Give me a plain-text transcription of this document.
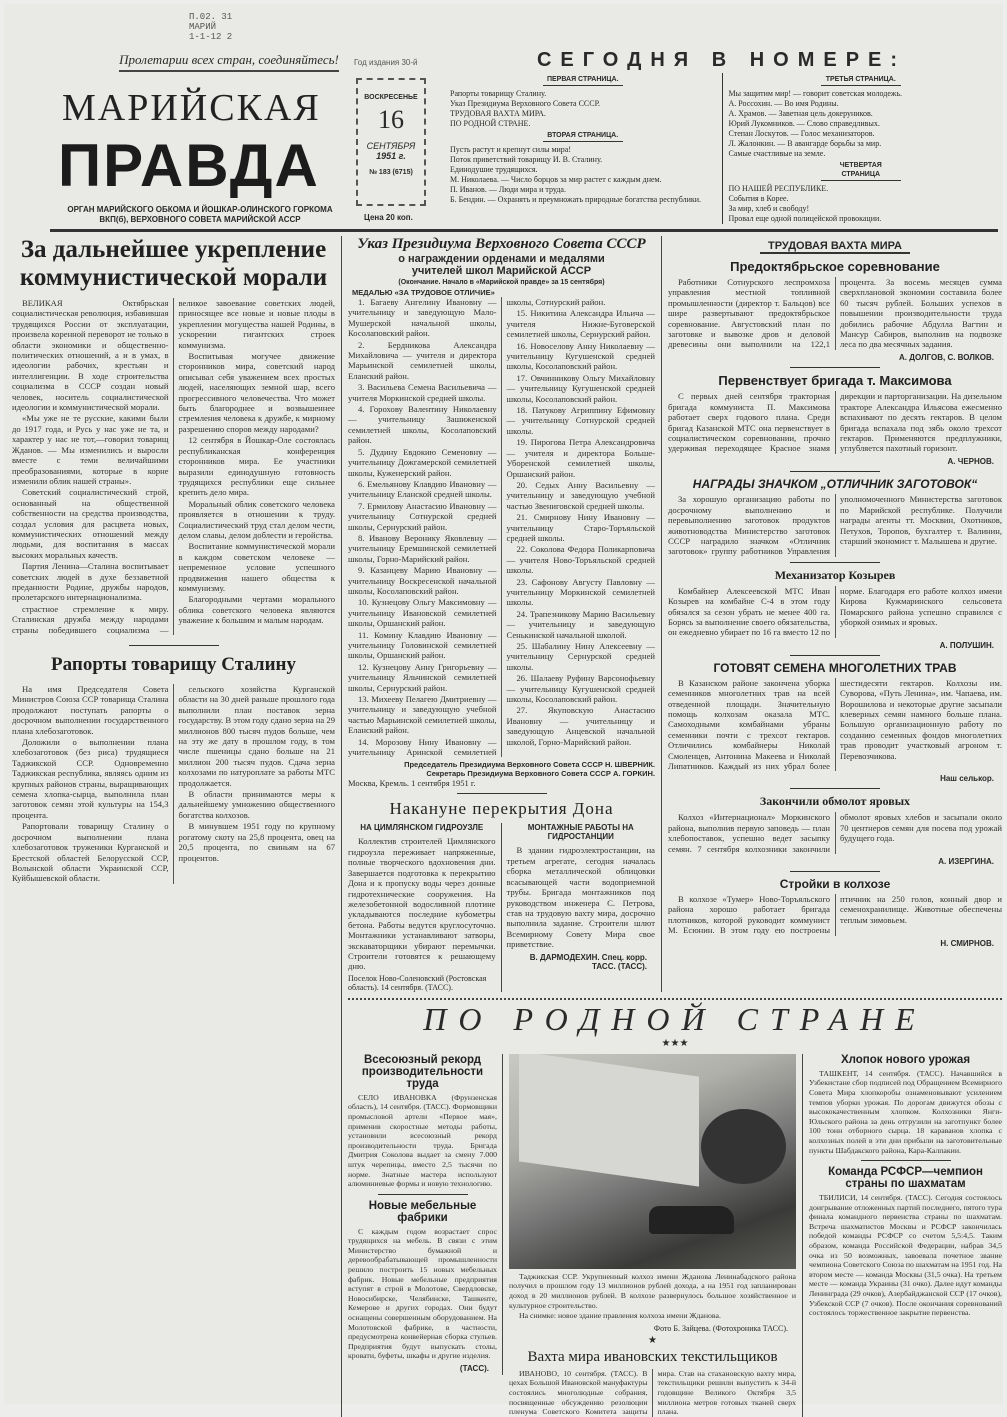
П.02. 31
МАРИЙ
1-1-12 2
Пролетарии всех стран, соединяйтесь! Год издания 30-й
МАРИЙСКАЯ
ПРАВДА
ОРГАН МАРИЙСКОГО ОБКОМА И ЙОШКАР-ОЛИНСКОГО ГОРКОМА ВКП(б), ВЕРХОВНОГО СОВЕТА МАРИЙСКОЙ АССР
ВОСКРЕСЕНЬЕ
16
СЕНТЯБРЯ
1951 г.
№ 183 (6715)
Цена 20 коп.
СЕГОДНЯ В НОМЕРЕ:
ПЕРВАЯ СТРАНИЦА.
Рапорты товарищу Сталину.
Указ Президиума Верховного Совета СССР.
ТРУДОВАЯ ВАХТА МИРА.
ПО РОДНОЙ СТРАНЕ.
ВТОРАЯ СТРАНИЦА.
Пусть растут и крепнут силы мира!
Поток приветствий товарищу И. В. Сталину.
Единодушие трудящихся.
М. Николаева. — Число борцов за мир растет с каждым днем.
П. Иванов. — Люди мира и труда.
Б. Бендин. — Охранять и преумножать природные богатства республики.
ТРЕТЬЯ СТРАНИЦА.
Мы защитим мир! — говорит советская молодежь.
А. Россохин. — Во имя Родины.
А. Храмов. — Заветная цель докеруников.
Юрий Лукомников. — Слово справедливых.
Степан Лоскутов. — Голос механизаторов.
Л. Жалонкин. — В авангарде борьбы за мир.
Самые счастливые на земле.
ЧЕТВЕРТАЯ СТРАНИЦА
ПО НАШЕЙ РЕСПУБЛИКЕ.
События в Корее.
За мир, хлеб и свободу!
Провал еще одной полицейской провокации.
За дальнейшее укрепление коммунистической морали

ВЕЛИКАЯ Октябрьская социалистическая революция, избавившая трудящихся России от эксплуатации, произвела коренной переворот не только в области экономики и общественно-политических отношений, а и в умах, в идеологии рабочих, крестьян и интеллигенции. В ходе строительства социализма в СССР создан новый человек, носитель социалистической идеологии и коммунистической морали.

«Мы уже не те русские, какими были до 1917 года, и Русь у нас уже не та, и характер у нас не тот,—говорил товарищ Жданов. — Мы изменились и выросли вместе с теми величайшими преобразованиями, которые в корне изменили облик нашей страны».

Советский социалистический строй, основанный на общественной собственности на средства производства, создал условия для расцвета новых, коммунистических отношений между людьми, для воспитания в массах высоких моральных качеств.

Партия Ленина—Сталина воспитывает советских людей в духе беззаветной преданности Родине, дружбы народов, пролетарского интернационализма.

страстное стремление к миру. Сталинская дружба между народами страны победившего социализма — великое завоевание советских людей, приносящее все новые и новые плоды в укреплении могущества нашей Родины, в ускорении гигантских строек коммунизма.

Воспитывая могучее движение сторонников мира, советский народ описывал себя уважением всех простых людей, населяющих земной шар, всего прогрессивного человечества. Что может быть благороднее и возвышеннее стремления человека к дружбе, к мирному разрешению споров между народами?

12 сентября в Йошкар-Оле состоялась республиканская конференция сторонников мира. Ее участники выразили единодушную готовность трудящихся республики еще сильнее крепить дело мира.

Моральный облик советского человека проявляется в отношении к труду. Социалистический труд стал делом чести, делом славы, делом доблести и геройства.

Воспитание коммунистической морали в каждом советском человеке — непременное условие успешного продвижения нашего общества к коммунизму.

Благородными чертами морального облика советского человека являются уважение к большим и малым народам.

Рапорты товарищу Сталину

На имя Председателя Совета Министров Союза ССР товарища Сталина продолжают поступать рапорты о досрочном выполнении государственного плана хлебозаготовок.

Доложили о выполнении плана хлебозаготовок (без риса) трудящиеся Таджикской ССР. Одновременно Таджикская республика, являясь одним из крупных районов страны, выращивающих семена хлопка-сырца, выполнила план заготовок семян этой культуры на 154,3 процента.

Рапортовали товарищу Сталину о досрочном выполнении плана хлебозаготовок труженики Курганской и Брестской областей Белорусской ССР, Волынской области Украинской ССР, Куйбышевской области.

сельского хозяйства Курганской области на 30 дней раньше прошлого года выполнили план поставок зерна государству. В этом году сдано зерна на 29 миллионов 800 тысяч пудов больше, чем на эту же дату в прошлом году, в том числе пшеницы сдано больше на 21 миллион 200 тысяч пудов. Сдача зерна колхозами по натуроплате за работы МТС продолжается.

В области принимаются меры к дальнейшему умножению общественного богатства колхозов.

В минувшем 1951 году по крупному рогатому скоту на 25,8 процента, овец на 20,5 процента, по свиньям на 67 процентов.

Указ Президиума Верховного Совета СССР
о награждении орденами и медалями учителей школ Марийской АССР
(Окончание. Начало в «Марийской правде» за 15 сентября)
МЕДАЛЬЮ «ЗА ТРУДОВОЕ ОТЛИЧИЕ»

1. Багаеву Ангелину Ивановну — учительницу и заведующую Мало-Мушерской начальной школы, Косолаповский район.

2. Бердникова Александра Михайловича — учителя и директора Марьинской семилетней школы, Еланский район.

3. Васильева Семена Васильевича — учителя Моркинской средней школы.

4. Горохову Валентину Николаевну — учительницу Зашиженской семилетней школы, Косолаповский район.

5. Дудину Евдокию Семеновну — учительницу Дожгамерской семилетней школы, Куженерский район.

6. Емельянову Клавдию Ивановну — учительницу Еланской средней школы.

7. Ермилову Анастасию Ивановну — учительницу Сотнурской средней школы, Сернурский район.

8. Иванову Веронику Яковлевну — учительницу Еремшинской семилетней школы, Горно-Марийский район.

9. Казанцеву Марию Ивановну — учительницу Воскресенской начальной школы, Косолаповский район.

10. Кузнецову Ольгу Максимовну — учительницу Ивановской семилетней школы, Оршанский район.

11. Комину Клавдию Ивановну — учительницу Головинской семилетней школы, Оршанский район.

12. Кузнецову Анну Григорьевну — учительницу Яльчинской семилетней школы, Сернурский район.

13. Михееву Пелагею Дмитриевну — учительницу и заведующую учебной частью Марьинской семилетней школы, Еланский район.

14. Морозову Нину Ивановну — учительницу Аринской семилетней школы, Сотнурский район.

15. Никитина Александра Ильича — учителя Нижне-Буговерской семилетней школы, Сернурский район.

16. Новоселову Анну Николаевну — учительницу Кугушенской средней школы, Косолаповский район.

17. Овчинникову Ольгу Михайловну — учительницу Кугушенской средней школы, Косолаповский район.

18. Патукову Агриппину Ефимовну — учительницу Сотнурской средней школы.

19. Пирогова Петра Александровича — учителя и директора Больше-Уборенской семилетней школы, Оршанский район.

20. Седых Анну Васильевну — учительницу и заведующую учебной частью Звениговской средней школы.

21. Смирнову Нину Ивановну — учительницу Старо-Торъяльской средней школы.

22. Соколова Федора Поликарповича — учителя Ново-Торъяльской средней школы.

23. Сафонову Августу Павловну — учительницу Моркинской семилетней школы.

24. Трапезникову Марию Васильевну — учительницу и заведующую Сенькинской начальной школой.

25. Шабалину Нину Алексеевну — учительницу Сернурской средней школы.

26. Шалаеву Руфину Варсонофьевну — учительницу Кугушенской средней школы, Косолаповский район.

27. Якуповскую Анастасию Ивановну — учительницу и заведующую Анцевской начальной школой, Горно-Марийский район.

Председатель Президиума Верховного Совета СССР Н. ШВЕРНИК.
Секретарь Президиума Верховного Совета СССР А. ГОРКИН.
Москва, Кремль. 1 сентября 1951 г.
Накануне перекрытия Дона
НА ЦИМЛЯНСКОМ ГИДРОУЗЛЕ

Коллектив строителей Цимлянского гидроузла переживает напряженные, полные творческого вдохновения дни. Завершается подготовка к перекрытию Дона и к пропуску воды через донные гидротехнические сооружения. На железобетонной водосливной плотине укладываются последние кубометры бетона. Работы ведутся круглосуточно. Монтажники устанавливают затворы, экскаваторщики убирают перемычки. Строители готовятся к решающему дню.

Поселок Ново-Соленовский (Ростовская область). 14 сентября. (ТАСС).
МОНТАЖНЫЕ РАБОТЫ НА ГИДРОСТАНЦИИ

В здании гидроэлектростанции, на третьем агрегате, сегодня началась сборка металлической облицовки всасывающей части водоприемной трубы. Бригада монтажников под руководством инженера С. Петрова, став на трудовую вахту мира, досрочно выполнила задание. Строители шлют Всемирному Совету Мира свое приветствие.

В. ДАРМОДЕХИН. Спец. корр. ТАСС. (ТАСС).
ТРУДОВАЯ ВАХТА МИРА
Предоктябрьское соревнование

Работники Сотнурского леспромхоза управления местной топливной промышленности (директор т. Бальцов) все шире развертывают предоктябрьское соревнование. Августовский план по заготовке и вывозке дров и деловой древесины они выполнили на 122,1 процента. За восемь месяцев сумма сверхплановой экономии составила более 60 тысяч рублей. Больших успехов в повышении производительности труда добились рабочие Абдулла Вагтин и Мансур Сабиров, выполнив на подвозке леса по два месячных задания.

А. ДОЛГОВ, С. ВОЛКОВ.
Первенствует бригада т. Максимова

С первых дней сентября тракторная бригада коммуниста П. Максимова работает сверх годового плана. Среди бригад Казанской МТС она первенствует в социалистическом соревновании, прочно удерживая переходящее Красное знамя дирекции и парторганизации. На дизельном тракторе Александра Ильясова ежесменно вспахивают по десять гектаров. В целом бригада вспахала под зябь около трехсот гектаров. Применяются предплужники, углубляется пахотный горизонт.

А. ЧЕРНОВ.
НАГРАДЫ ЗНАЧКОМ „ОТЛИЧНИК ЗАГОТОВОК“

За хорошую организацию работы по досрочному выполнению и перевыполнению заготовок продуктов животноводства Министерство заготовок СССР наградило значком «Отличник заготовок» группу работников Управления уполномоченного Министерства заготовок по Марийской республике. Получили награды агенты тт. Москвин, Охотников, Петухов, Торопов, бухгалтер т. Валинин, старший экономист т. Малышева и другие.

Механизатор Козырев

Комбайнер Алексеевской МТС Иван Козырев на комбайне С-4 в этом году обязался за сезон убрать не менее 400 га. Борясь за выполнение своего обязательства, он ежедневно убирает по 16 га вместо 12 по норме. Благодаря его работе колхоз имени Кирова Кужмаринского сельсовета Помарского района успешно справился с уборкой озимых и яровых.

А. ПОЛУШИН.
ГОТОВЯТ СЕМЕНА МНОГОЛЕТНИХ ТРАВ

В Казанском районе закончена уборка семенников многолетних трав на всей отведенной площади. Значительную помощь колхозам оказала МТС. Самоходными комбайнами убраны семенники почти с трехсот гектаров. Отличились комбайнеры Николай Смоленцев, Антонина Макеева и Николай Липатников. Каждый из них убрал более шестидесяти гектаров. Колхозы им. Суворова, «Путь Ленина», им. Чапаева, им. Ворошилова и некоторые другие засыпали клеверных семян намного больше плана. Большую организационную работу по созданию семенных фондов многолетних трав проводит участковый агроном т. Перевозчикова.

Наш селькор.
Закончили обмолот яровых

Колхоз «Интернационал» Моркинского района, выполнив первую заповедь — план хлебопоставок, успешно ведет засыпку семян. 7 сентября колхозники закончили обмолот яровых хлебов и засыпали около 70 центнеров семян для посева под урожай будущего года.

А. ИЗЕРГИНА.
Стройки в колхозе

В колхозе «Тумер» Ново-Торъяльского района хорошо работает бригада плотников, которой руководит коммунист М. Есюнин. В этом году ею построены птичник на 250 голов, конный двор и семенохранилище. Животные обеспечены теплым зимовьем.

Н. СМИРНОВ.
ПО РОДНОЙ СТРАНЕ
★★★
Всесоюзный рекорд производительности труда

СЕЛО ИВАНОВКА (Фрунзенская область), 14 сентября. (ТАСС). Формовщики промысловой артели «Первое мая», применив скоростные методы работы, установили всесоюзный рекорд производительности труда. Бригада Дмитрия Соколова выдает за смену 7.000 штук черепицы, вместо 2,5 тысячи по норме. Знатные мастера используют алюминиевые формы и новую технологию.

Новые мебельные фабрики

С каждым годом возрастает спрос трудящихся на мебель. В связи с этим Министерство бумажной и деревообрабатывающей промышленности решило построить 15 новых мебельных фабрик. Новые мебельные предприятия вступят в строй в Молотове, Свердловске, Новосибирске, Челябинске, Ташкенте, Кемерове и других городах. Они будут оснащены совершенным оборудованием. На Молотовской фабрике, в частности, предусмотрена конвейерная сборка стульев. Предприятия будут выпускать столы, кровати, буфеты, шкафы и другие изделия.

(ТАСС).

Таджикская ССР. Укрупненный колхоз имени Жданова Ленинабадского района получил в прошлом году 13 миллионов рублей дохода, а на 1951 год запланирован доход в 20 миллионов рублей. В колхозе развернулось большое хозяйственное и культурное строительство.

На снимке: новое здание правления колхоза имени Жданова.

Фото Б. Зайцева. (Фотохроника ТАСС).
★
Вахта мира ивановских текстильщиков

ИВАНОВО, 10 сентября. (ТАСС). В цехах Большой Ивановской мануфактуры состоялись многолюдные собрания, посвященные обсуждению резолюции пленума Советского Комитета защиты мира. Став на стахановскую вахту мира, текстильщики решили выпустить к 34-й годовщине Великого Октября 3,5 миллиона метров готовых тканей сверх плана.

Хлопок нового урожая

ТАШКЕНТ, 14 сентября. (ТАСС). Начавшийся в Узбекистане сбор подписей под Обращением Всемирного Совета Мира хлопкоробы ознаменовывают усилением темпов уборки урожая. По дорогам движутся обозы с высококачественным хлопком. Колхозники Янги-Юльского района за день отгрузили на заготпункт более 100 тонн отборного сырца. 18 караванов хлопка с колхозных полей в эти дни прибыли на заготовительные пункты Шабдакского района, Кара-Калпакии.

Команда РСФСР—чемпион страны по шахматам

ТБИЛИСИ, 14 сентября. (ТАСС). Сегодня состоялось доигрывание отложенных партий последнего, пятого тура финала командного первенства страны по шахматам. Встреча шахматистов Москвы и РСФСР закончилась победой команды РСФСР со счетом 5,5:4,5. Таким образом, команда Российской Федерации, набрав 34,5 очка из 50 возможных, завоевала почетное звание чемпиона Советского Союза по шахматам на 1951 год. На втором месте — команда Москвы (31,5 очка). На третьем месте — команда Украины (31 очко). Далее идут команды Ленинграда (29 очков), Азербайджанской ССР (17 очков), Узбекской ССР (7 очков). После окончания соревнований состоялось торжественное закрытие первенства.
